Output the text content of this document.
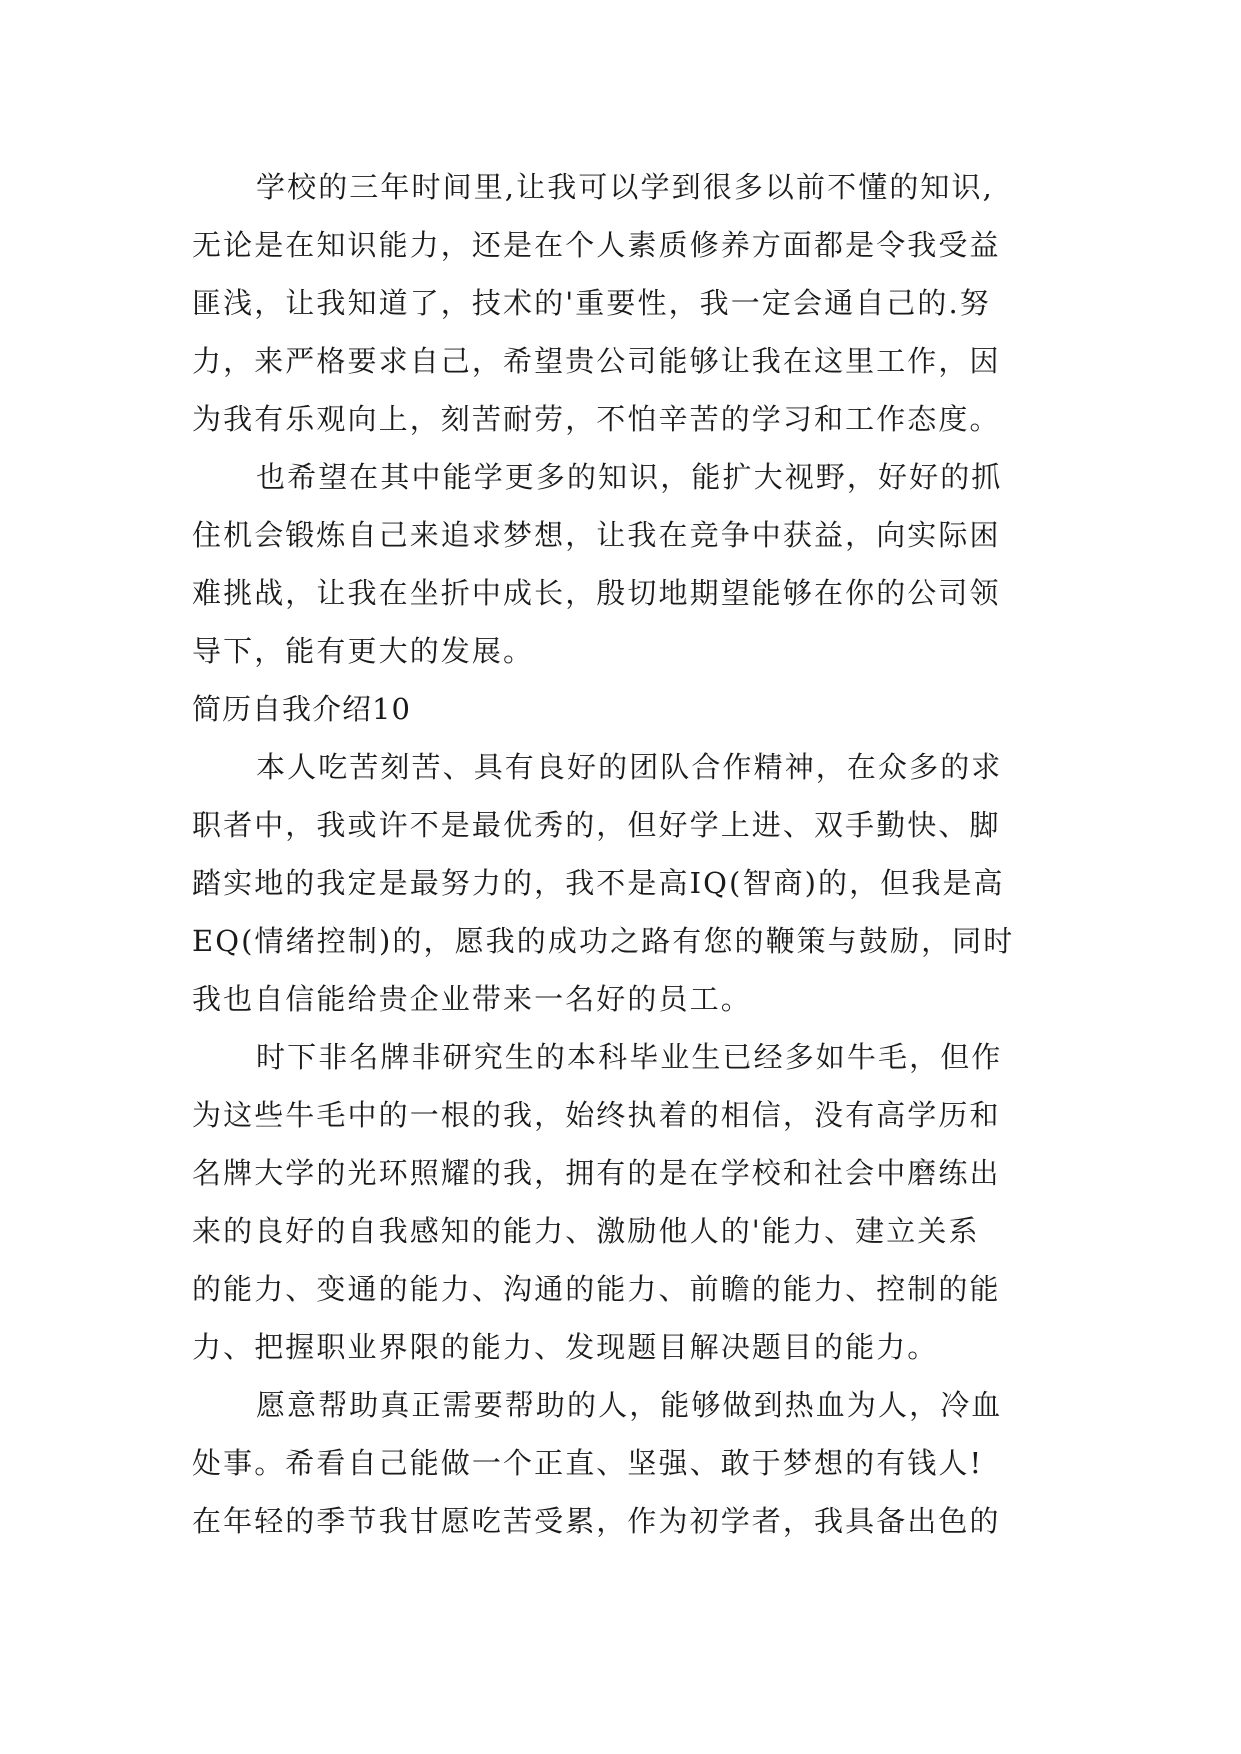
学校的三年时间里,让我可以学到很多以前不懂的知识,
无论是在知识能力，还是在个人素质修养方面都是令我受益
匪浅，让我知道了，技术的'重要性，我一定会通自己的.努
力，来严格要求自己，希望贵公司能够让我在这里工作，因
为我有乐观向上，刻苦耐劳，不怕辛苦的学习和工作态度。
也希望在其中能学更多的知识，能扩大视野，好好的抓
住机会锻炼自己来追求梦想，让我在竞争中获益，向实际困
难挑战，让我在坐折中成长，殷切地期望能够在你的公司领
导下，能有更大的发展。
简历自我介绍10
本人吃苦刻苦、具有良好的团队合作精神，在众多的求
职者中，我或许不是最优秀的，但好学上进、双手勤快、脚
踏实地的我定是最努力的，我不是高IQ(智商)的，但我是高
EQ(情绪控制)的，愿我的成功之路有您的鞭策与鼓励，同时
我也自信能给贵企业带来一名好的员工。
时下非名牌非研究生的本科毕业生已经多如牛毛，但作
为这些牛毛中的一根的我，始终执着的相信，没有高学历和
名牌大学的光环照耀的我，拥有的是在学校和社会中磨练出
来的良好的自我感知的能力、激励他人的'能力、建立关系
的能力、变通的能力、沟通的能力、前瞻的能力、控制的能
力、把握职业界限的能力、发现题目解决题目的能力。
愿意帮助真正需要帮助的人，能够做到热血为人，冷血
处事。希看自己能做一个正直、坚强、敢于梦想的有钱人!
在年轻的季节我甘愿吃苦受累，作为初学者，我具备出色的
